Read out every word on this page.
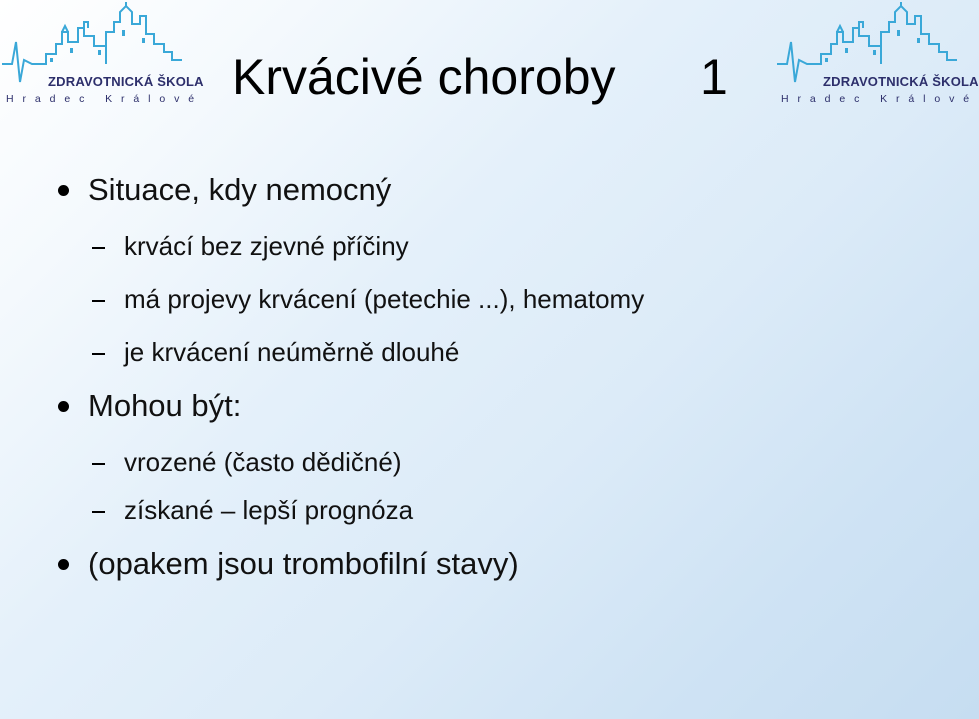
ZDRAVOTNICKÁ ŠKOLA
Hradec Králové
ZDRAVOTNICKÁ ŠKOLA
Hradec Králové
Krvácivé choroby 1
Situace, kdy nemocný
krvácí bez zjevné příčiny
má projevy krvácení (petechie ...), hematomy
je krvácení neúměrně dlouhé
Mohou být:
vrozené (často dědičné)
získané – lepší prognóza
(opakem jsou trombofilní stavy)
